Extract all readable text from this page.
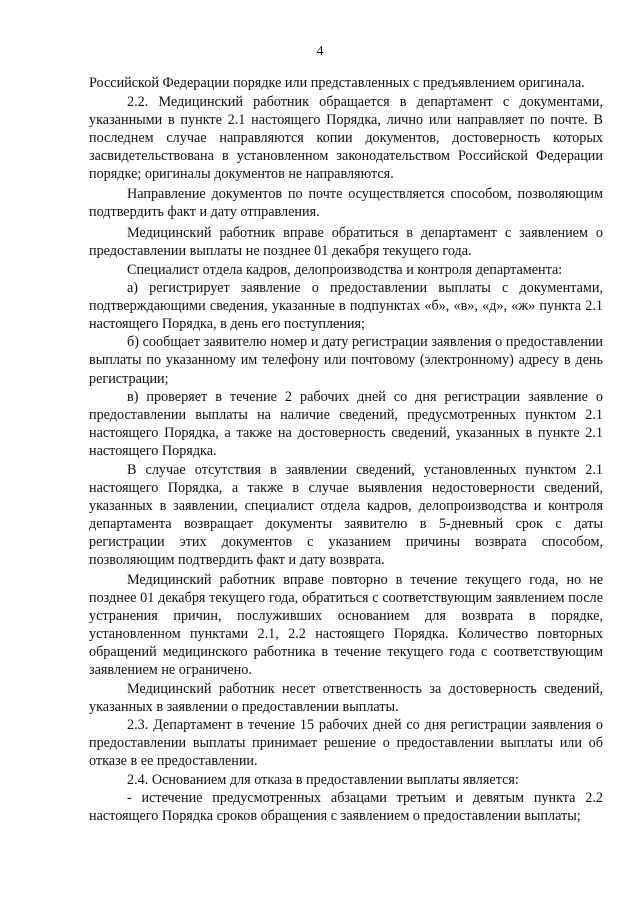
4

Российской Федерации порядке или представленных с предъявлением оригинала.

2.2. Медицинский работник обращается в департамент с документами, указанными в пункте 2.1 настоящего Порядка, лично или направляет по почте. В последнем случае направляются копии документов, достоверность которых засвидетельствована в установленном законодательством Российской Федерации порядке; оригиналы документов не направляются.

Направление документов по почте осуществляется способом, позволяющим подтвердить факт и дату отправления.

Медицинский работник вправе обратиться в департамент с заявлением о предоставлении выплаты не позднее 01 декабря текущего года.

Специалист отдела кадров, делопроизводства и контроля департамента:

а) регистрирует заявление о предоставлении выплаты с документами, подтверждающими сведения, указанные в подпунктах «б», «в», «д», «ж» пункта 2.1 настоящего Порядка, в день его поступления;

б) сообщает заявителю номер и дату регистрации заявления о предоставлении выплаты по указанному им телефону или почтовому (электронному) адресу в день регистрации;

в) проверяет в течение 2 рабочих дней со дня регистрации заявление о предоставлении выплаты на наличие сведений, предусмотренных пунктом 2.1 настоящего Порядка, а также на достоверность сведений, указанных в пункте 2.1 настоящего Порядка.

В случае отсутствия в заявлении сведений, установленных пунктом 2.1 настоящего Порядка, а также в случае выявления недостоверности сведений, указанных в заявлении, специалист отдела кадров, делопроизводства и контроля департамента возвращает документы заявителю в 5-дневный срок с даты регистрации этих документов с указанием причины возврата способом, позволяющим подтвердить факт и дату возврата.

Медицинский работник вправе повторно в течение текущего года, но не позднее 01 декабря текущего года, обратиться с соответствующим заявлением после устранения причин, послуживших основанием для возврата в порядке, установленном пунктами 2.1, 2.2 настоящего Порядка. Количество повторных обращений медицинского работника в течение текущего года с соответствующим заявлением не ограничено.

Медицинский работник несет ответственность за достоверность сведений, указанных в заявлении о предоставлении выплаты.

2.3. Департамент в течение 15 рабочих дней со дня регистрации заявления о предоставлении выплаты принимает решение о предоставлении выплаты или об отказе в ее предоставлении.

2.4. Основанием для отказа в предоставлении выплаты является:

- истечение предусмотренных абзацами третьим и девятым пункта 2.2 настоящего Порядка сроков обращения с заявлением о предоставлении выплаты;
